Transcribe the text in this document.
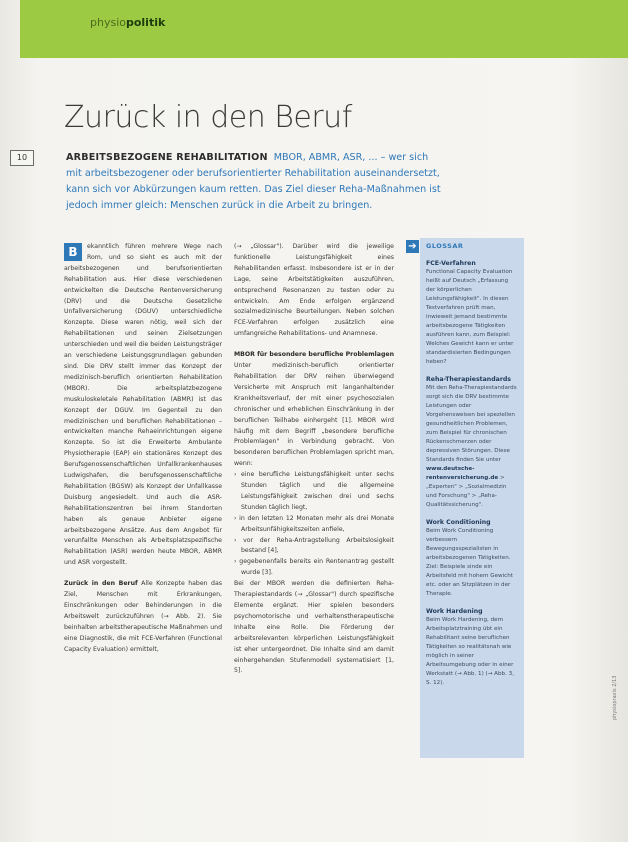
physiopolitik
Zurück in den Beruf
10	ARBEITSBEZOGENE REHABILITATION MBOR, ABMR, ASR, ... – wer sich mit arbeitsbezogener oder berufsorientierter Rehabilitation auseinandersetzt, kann sich vor Abkürzungen kaum retten. Das Ziel dieser Reha-Maßnahmen ist jedoch immer gleich: Menschen zurück in die Arbeit zu bringen.

B	ekanntlich führen mehrere Wege nach Rom, und so sieht es auch mit der arbeitsbezogenen und berufsorientierten Rehabilitation aus. Hier diese verschiedenen entwickelten die Deutsche Rentenversicherung (DRV) und die Deutsche Gesetzliche Unfallversicherung (DGUV) unterschiedliche Konzepte. Diese waren nötig, weil sich der Rehabilitationen und seinen Zielsetzungen unterschieden und weil die beiden Leistungsträger an verschiedene Leistungsgrundlagen gebunden sind. Die DRV stellt immer das Konzept der medizinisch-beruflich orientierten Rehabilitation (MBOR). Die arbeitsplatzbezogene muskuloskeletale Rehabilitation (ABMR) ist das Konzept der DGUV. Im Gegenteil zu den medizinischen und beruflichen Rehabilitationen – entwickelten manche Rehaeinrichtungen eigene Konzepte. So ist die Erweiterte Ambulante Physiotherapie (EAP) ein stationäres Konzept des Berufsgenossenschaftlichen Unfallkrankenhauses Ludwigshafen, die berufsgenossenschaftliche Rehabilitation (BGSW) als Konzept der Unfallkasse Duisburg angesiedelt. Und auch die ASR-Rehabilitationszentren bei ihrem Standorten haben als genaue Anbieter eigene arbeitsbezogene Ansätze. Aus dem Angebot für verunfallte Menschen als Arbeitsplatzspezifische Rehabilitation (ASR) werden heute MBOR, ABMR und ASR vorgestellt.

Zurück in den Beruf Alle Konzepte haben das Ziel, Menschen mit Erkrankungen, Einschränkungen oder Behinderungen in die Arbeitswelt zurückzuführen (→ Abb. 2). Sie beinhalten arbeitstherapeutische Maßnahmen und eine Diagnostik, die mit FCE-Verfahren (Functional Capacity Evaluation) ermittelt,

(→ „Glossar"). Darüber wird die jeweilige funktionelle Leistungsfähigkeit eines Rehabilitanden erfasst. Insbesondere ist er in der Lage, seine Arbeitstätigkeiten auszuführen, entsprechend Resonanzen zu testen oder zu entwickeln. Am Ende erfolgen ergänzend sozialmedizinische Beurteilungen. Neben solchen FCE-Verfahren erfolgen zusätzlich eine umfangreiche Rehabilitations- und Anamnese.

MBOR für besondere berufliche Problemlagen Unter medizinisch-beruflich orientierter Rehabilitation der DRV reihen überwiegend Versicherte mit Anspruch mit langanhaltender Krankheitsverlauf, der mit einer psychosozialen chronischer und erheblichen Einschränkung in der beruflichen Teilhabe einhergeht [1]. MBOR wird häufig mit dem Begriff „besondere berufliche Problemlagen" in Verbindung gebracht. Von besonderen beruflichen Problemlagen spricht man, wenn:

› eine berufliche Leistungsfähigkeit unter sechs Stunden täglich und die allgemeine Leistungsfähigkeit zwischen drei und sechs Stunden täglich liegt,
› in den letzten 12 Monaten mehr als drei Monate Arbeitsunfähigkeitszeiten anfiele,
› vor der Reha-Antragstellung Arbeitslosigkeit bestand [4],
› gegebenenfalls bereits ein Rentenantrag gestellt wurde [3].

Bei der MBOR werden die definierten Reha-Therapiestandards (→ „Glossar") durch spezifische Elemente ergänzt. Hier spielen besonders psychomotorische und verhaltenstherapeutische Inhalte eine Rolle. Die Förderung der arbeitsrelevanten körperlichen Leistungsfähigkeit ist eher untergeordnet. Die Inhalte sind am damit einhergehenden Stufenmodell systematisiert [1, 5].

➔	GLOSSAR
FCE-Verfahren

Functional Capacity Evaluation heißt auf Deutsch „Erfassung der körperlichen Leistungsfähigkeit". In diesen Testverfahren prüft man, inwieweit jemand bestimmte arbeitsbezogene Tätigkeiten ausführen kann, zum Beispiel: Welches Gewicht kann er unter standardisierten Bedingungen heben?

Reha-Therapiestandards

Mit den Reha-Therapiestandards sorgt sich die DRV bestimmte Leistungen oder Vorgehensweisen bei speziellen gesundheitlichen Problemen, zum Beispiel für chronischen Rückenschmerzen oder depressiven Störungen. Diese Standards finden Sie unter www.deutsche-rentenversicherung.de > „Experten" > „Sozialmedizin und Forschung" > „Reha-Qualitätssicherung".

Work Conditioning

Beim Work Conditioning verbessern Bewegungsspezialisten in arbeitsbezogenen Tätigkeiten. Ziel: Beispiele sinde ein Arbeitsfeld mit hohem Gewicht etc. oder an Sitzplätzen in der Therapie.

Work Hardening

Beim Work Hardening, dem Arbeitsplatztraining übt ein Rehabilitant seine beruflichen Tätigkeiten so realitätsnah wie möglich in seiner Arbeitsumgebung oder in einer Werkstatt (→ Abb. 1) (→ Abb. 3, S. 12).	physiopraxis 2/13
